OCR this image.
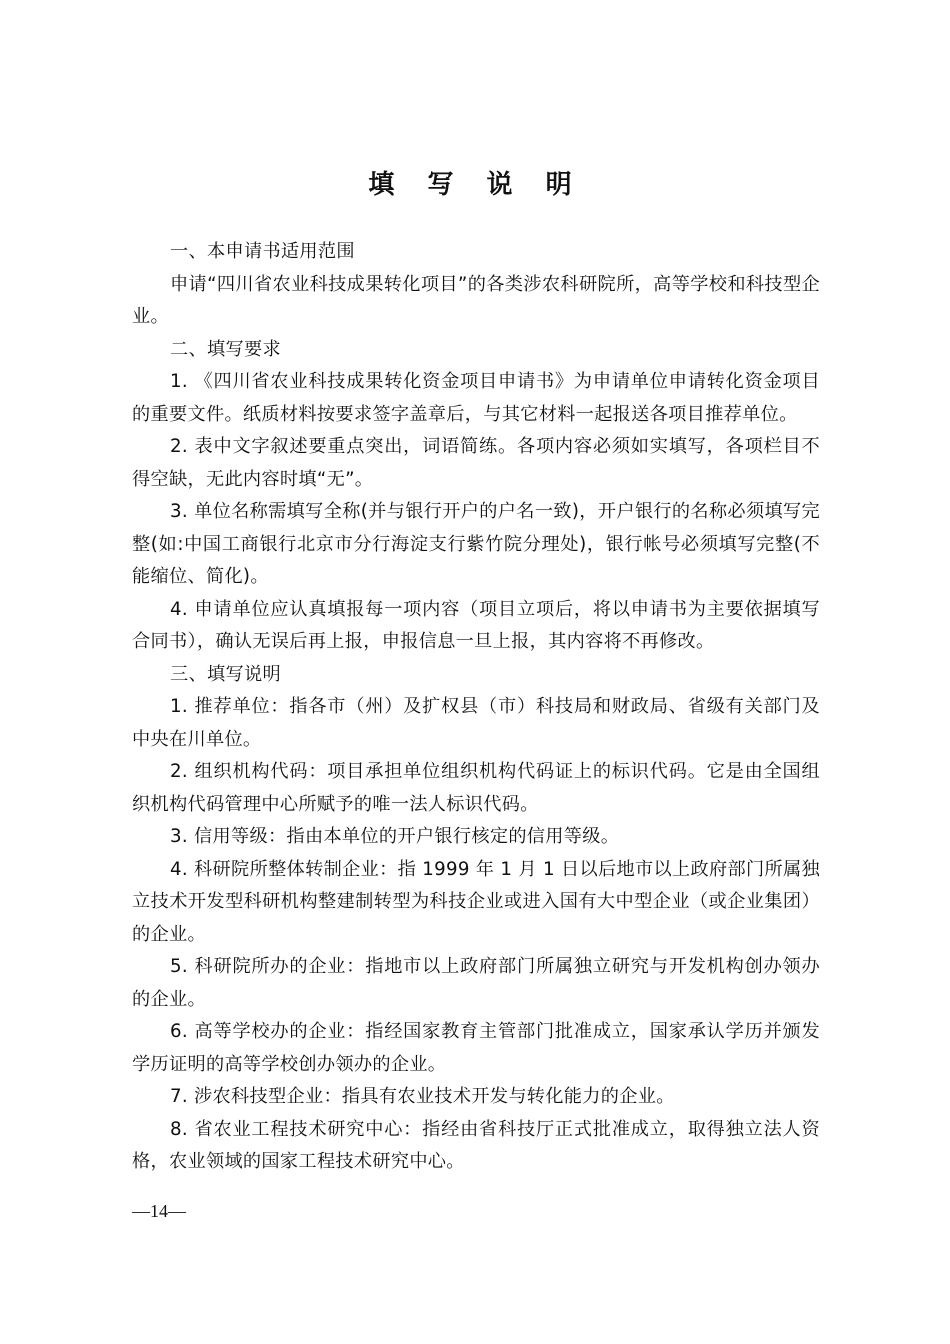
填 写 说 明

一、本申请书适用范围

申请“四川省农业科技成果转化项目”的各类涉农科研院所，高等学校和科技型企业。

二、填写要求

1. 《四川省农业科技成果转化资金项目申请书》为申请单位申请转化资金项目的重要文件。纸质材料按要求签字盖章后，与其它材料一起报送各项目推荐单位。

2. 表中文字叙述要重点突出，词语简练。各项内容必须如实填写，各项栏目不得空缺，无此内容时填“无”。

3. 单位名称需填写全称(并与银行开户的户名一致)，开户银行的名称必须填写完整(如:中国工商银行北京市分行海淀支行紫竹院分理处)，银行帐号必须填写完整(不能缩位、简化)。

4. 申请单位应认真填报每一项内容（项目立项后，将以申请书为主要依据填写合同书），确认无误后再上报，申报信息一旦上报，其内容将不再修改。

三、填写说明

1. 推荐单位：指各市（州）及扩权县（市）科技局和财政局、省级有关部门及中央在川单位。

2. 组织机构代码：项目承担单位组织机构代码证上的标识代码。它是由全国组织机构代码管理中心所赋予的唯一法人标识代码。

3. 信用等级：指由本单位的开户银行核定的信用等级。

4. 科研院所整体转制企业：指 1999 年 1 月 1 日以后地市以上政府部门所属独立技术开发型科研机构整建制转型为科技企业或进入国有大中型企业（或企业集团）的企业。

5. 科研院所办的企业：指地市以上政府部门所属独立研究与开发机构创办领办的企业。

6. 高等学校办的企业：指经国家教育主管部门批准成立，国家承认学历并颁发学历证明的高等学校创办领办的企业。

7. 涉农科技型企业：指具有农业技术开发与转化能力的企业。

8. 省农业工程技术研究中心：指经由省科技厅正式批准成立，取得独立法人资格，农业领域的国家工程技术研究中心。

—14—
